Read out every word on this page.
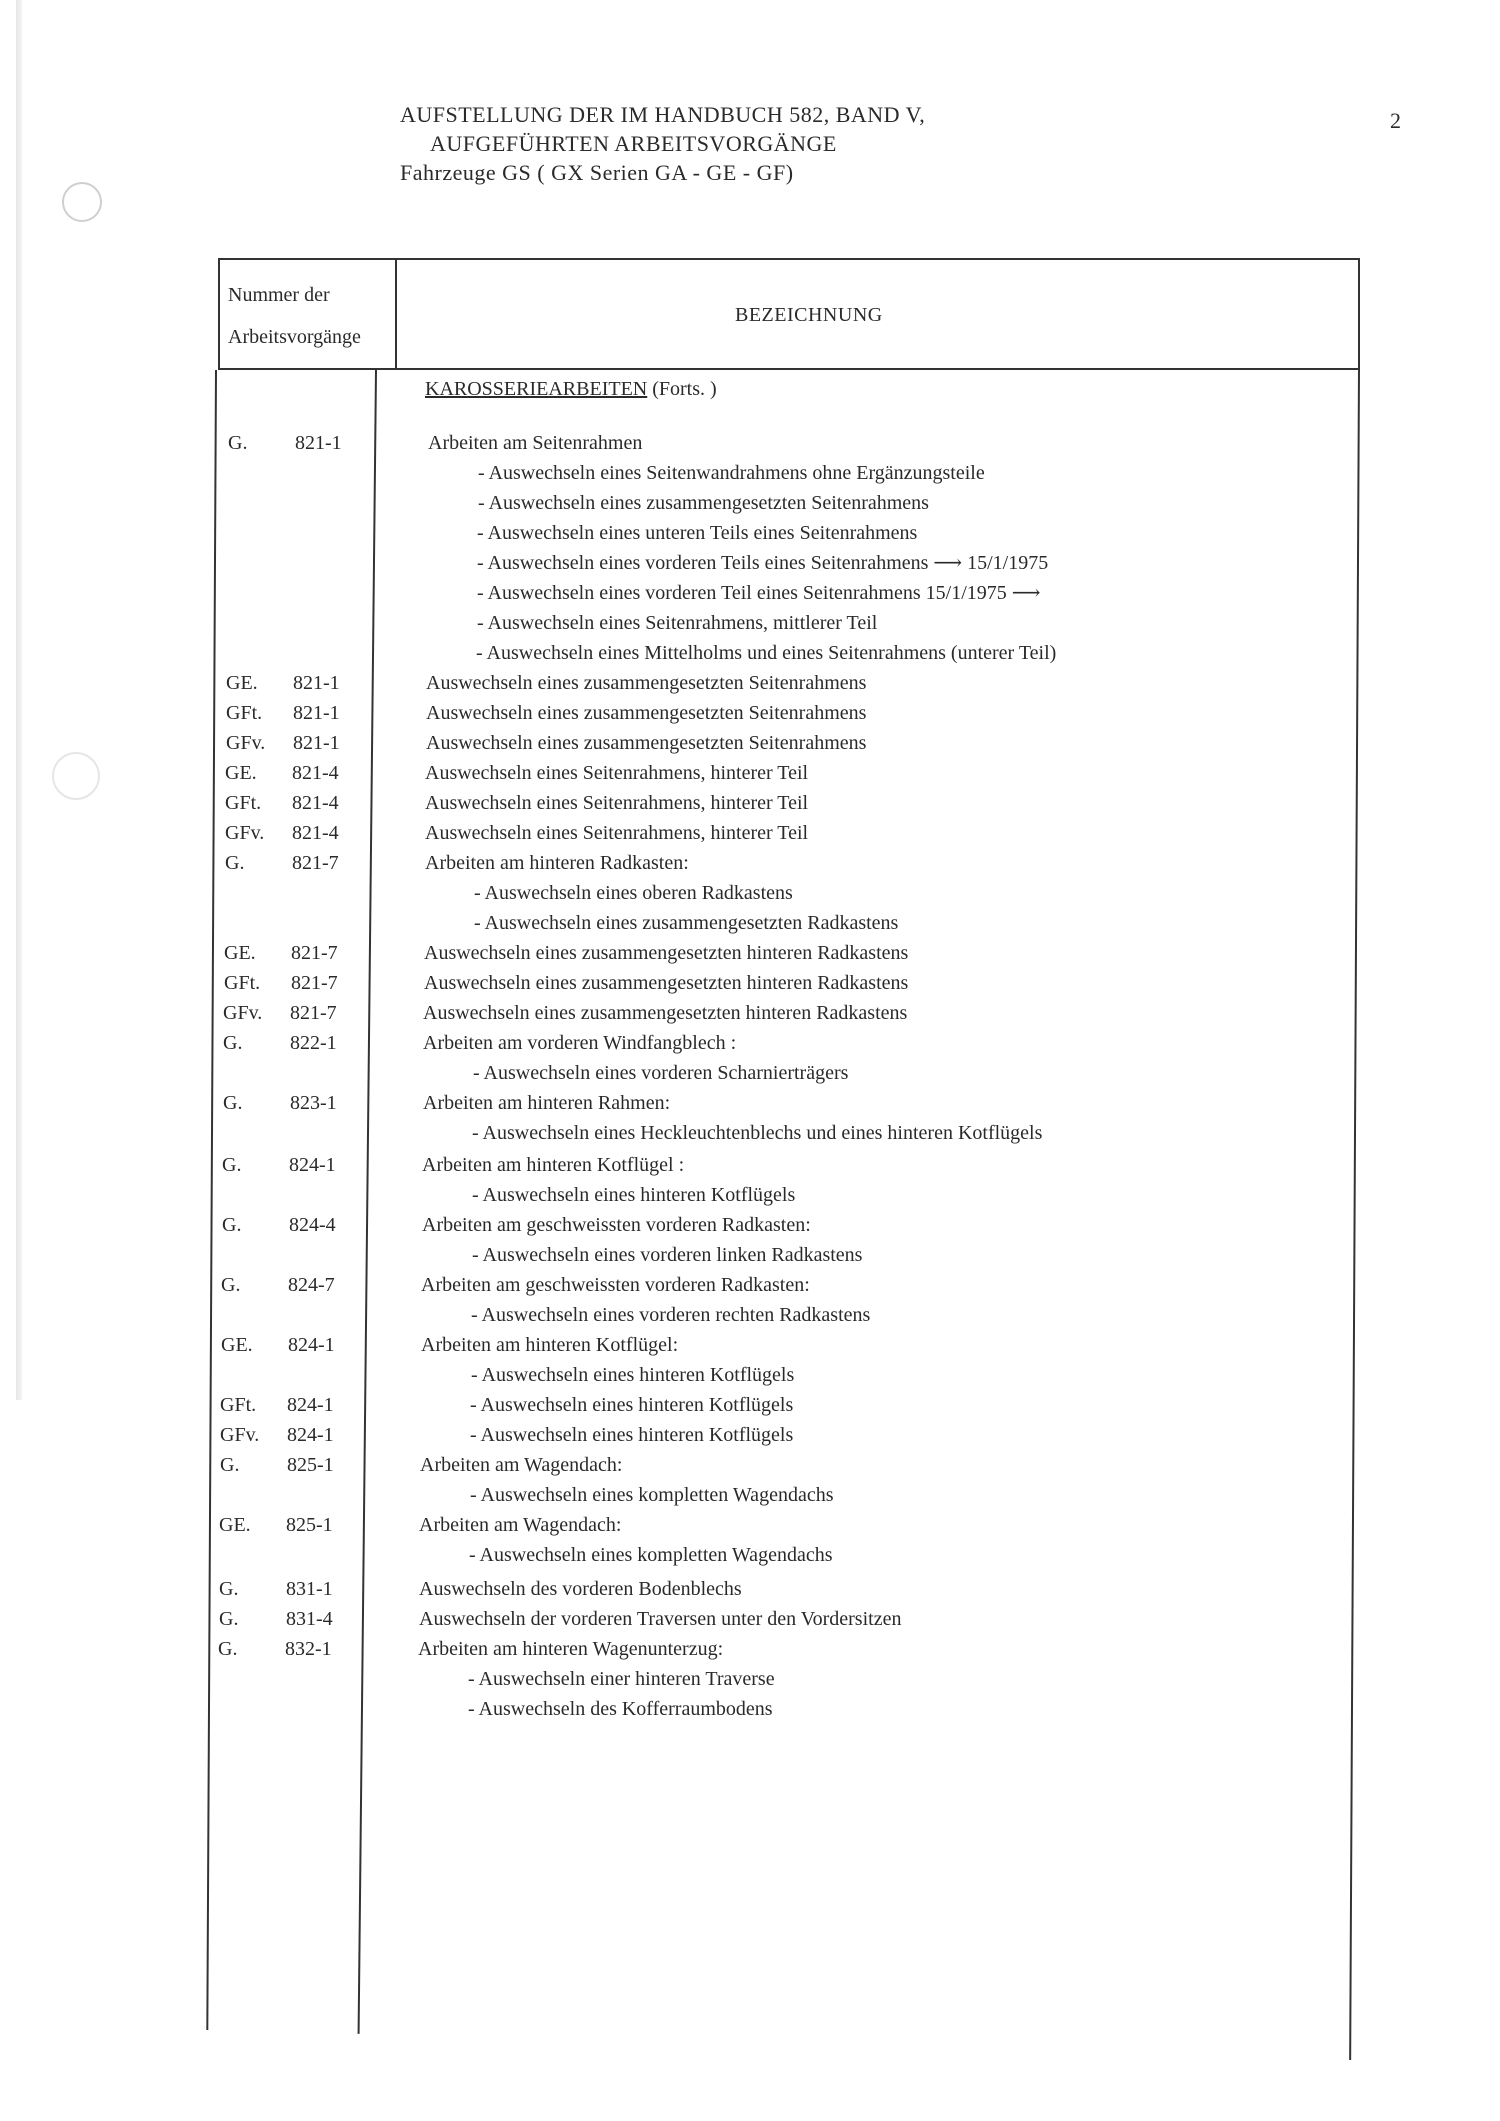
AUFSTELLUNG DER IM HANDBUCH 582, BAND V,
AUFGEFÜHRTEN ARBEITSVORGÄNGE
Fahrzeuge GS ( GX Serien GA - GE - GF)
2
Nummer der
Arbeitsvorgänge
BEZEICHNUNG
KAROSSERIEARBEITEN (Forts. )
G. 821-1	Arbeiten am Seitenrahmen
- Auswechseln eines Seitenwandrahmens ohne Ergänzungsteile
- Auswechseln eines zusammengesetzten Seitenrahmens
- Auswechseln eines unteren Teils eines Seitenrahmens
- Auswechseln eines vorderen Teils eines Seitenrahmens ⟶ 15/1/1975
- Auswechseln eines vorderen Teil eines Seitenrahmens 15/1/1975 ⟶
- Auswechseln eines Seitenrahmens, mittlerer Teil
- Auswechseln eines Mittelholms und eines Seitenrahmens (unterer Teil)
GE. 821-1	Auswechseln eines zusammengesetzten Seitenrahmens
GFt. 821-1	Auswechseln eines zusammengesetzten Seitenrahmens
GFv. 821-1	Auswechseln eines zusammengesetzten Seitenrahmens
GE. 821-4	Auswechseln eines Seitenrahmens, hinterer Teil
GFt. 821-4	Auswechseln eines Seitenrahmens, hinterer Teil
GFv. 821-4	Auswechseln eines Seitenrahmens, hinterer Teil
G. 821-7	Arbeiten am hinteren Radkasten:
- Auswechseln eines oberen Radkastens
- Auswechseln eines zusammengesetzten Radkastens
GE. 821-7	Auswechseln eines zusammengesetzten hinteren Radkastens
GFt. 821-7	Auswechseln eines zusammengesetzten hinteren Radkastens
GFv. 821-7	Auswechseln eines zusammengesetzten hinteren Radkastens
G. 822-1	Arbeiten am vorderen Windfangblech :
- Auswechseln eines vorderen Scharnierträgers
G. 823-1	Arbeiten am hinteren Rahmen:
- Auswechseln eines Heckleuchtenblechs und eines hinteren Kotflügels
G. 824-1	Arbeiten am hinteren Kotflügel :
- Auswechseln eines hinteren Kotflügels
G. 824-4	Arbeiten am geschweissten vorderen Radkasten:
- Auswechseln eines vorderen linken Radkastens
G. 824-7	Arbeiten am geschweissten vorderen Radkasten:
- Auswechseln eines vorderen rechten Radkastens
GE. 824-1	Arbeiten am hinteren Kotflügel:
- Auswechseln eines hinteren Kotflügels
GFt. 824-1	- Auswechseln eines hinteren Kotflügels
GFv. 824-1	- Auswechseln eines hinteren Kotflügels
G. 825-1	Arbeiten am Wagendach:
- Auswechseln eines kompletten Wagendachs
GE. 825-1	Arbeiten am Wagendach:
- Auswechseln eines kompletten Wagendachs
G. 831-1	Auswechseln des vorderen Bodenblechs
G. 831-4	Auswechseln der vorderen Traversen unter den Vordersitzen
G. 832-1	Arbeiten am hinteren Wagenunterzug:
- Auswechseln einer hinteren Traverse
- Auswechseln des Kofferraumbodens
